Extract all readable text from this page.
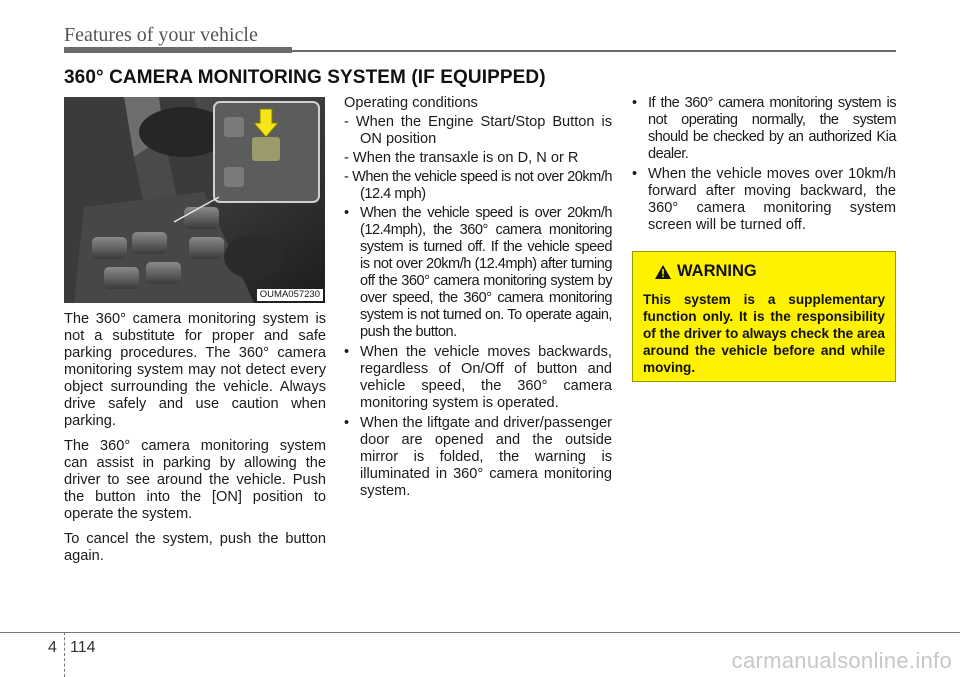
Features of your vehicle
360° CAMERA MONITORING SYSTEM (IF EQUIPPED)
OUMA057230

The 360° camera monitoring system is not a substitute for proper and safe parking procedures. The 360° camera monitoring system may not detect every object surrounding the vehicle. Always drive safely and use caution when parking.

The 360° camera monitoring system can assist in parking by allowing the driver to see around the vehicle. Push the button into the [ON] position to operate the system.

To cancel the system, push the button again.

Operating conditions
- When the Engine Start/Stop Button is ON position
- When the transaxle is on D, N or R
- When the vehicle speed is not over 20km/h (12.4 mph)
• When the vehicle speed is over 20km/h (12.4mph), the 360° camera monitoring system is turned off. If the vehicle speed is not over 20km/h (12.4mph) after turning off the 360° camera monitoring system by over speed, the 360° camera monitoring system is not turned on. To operate again, push the button.
• When the vehicle moves backwards, regardless of On/Off of button and vehicle speed, the 360° camera monitoring system is operated.
• When the liftgate and driver/passenger door are opened and the outside mirror is folded, the warning is illuminated in 360° camera monitoring system.
• If the 360° camera monitoring system is not operating normally, the system should be checked by an authorized Kia dealer.
• When the vehicle moves over 10km/h forward after moving backward, the 360° camera monitoring system screen will be turned off.
WARNING
This system is a supplementary function only. It is the responsibility of the driver to always check the area around the vehicle before and while moving.
4 114
carmanualsonline.info
